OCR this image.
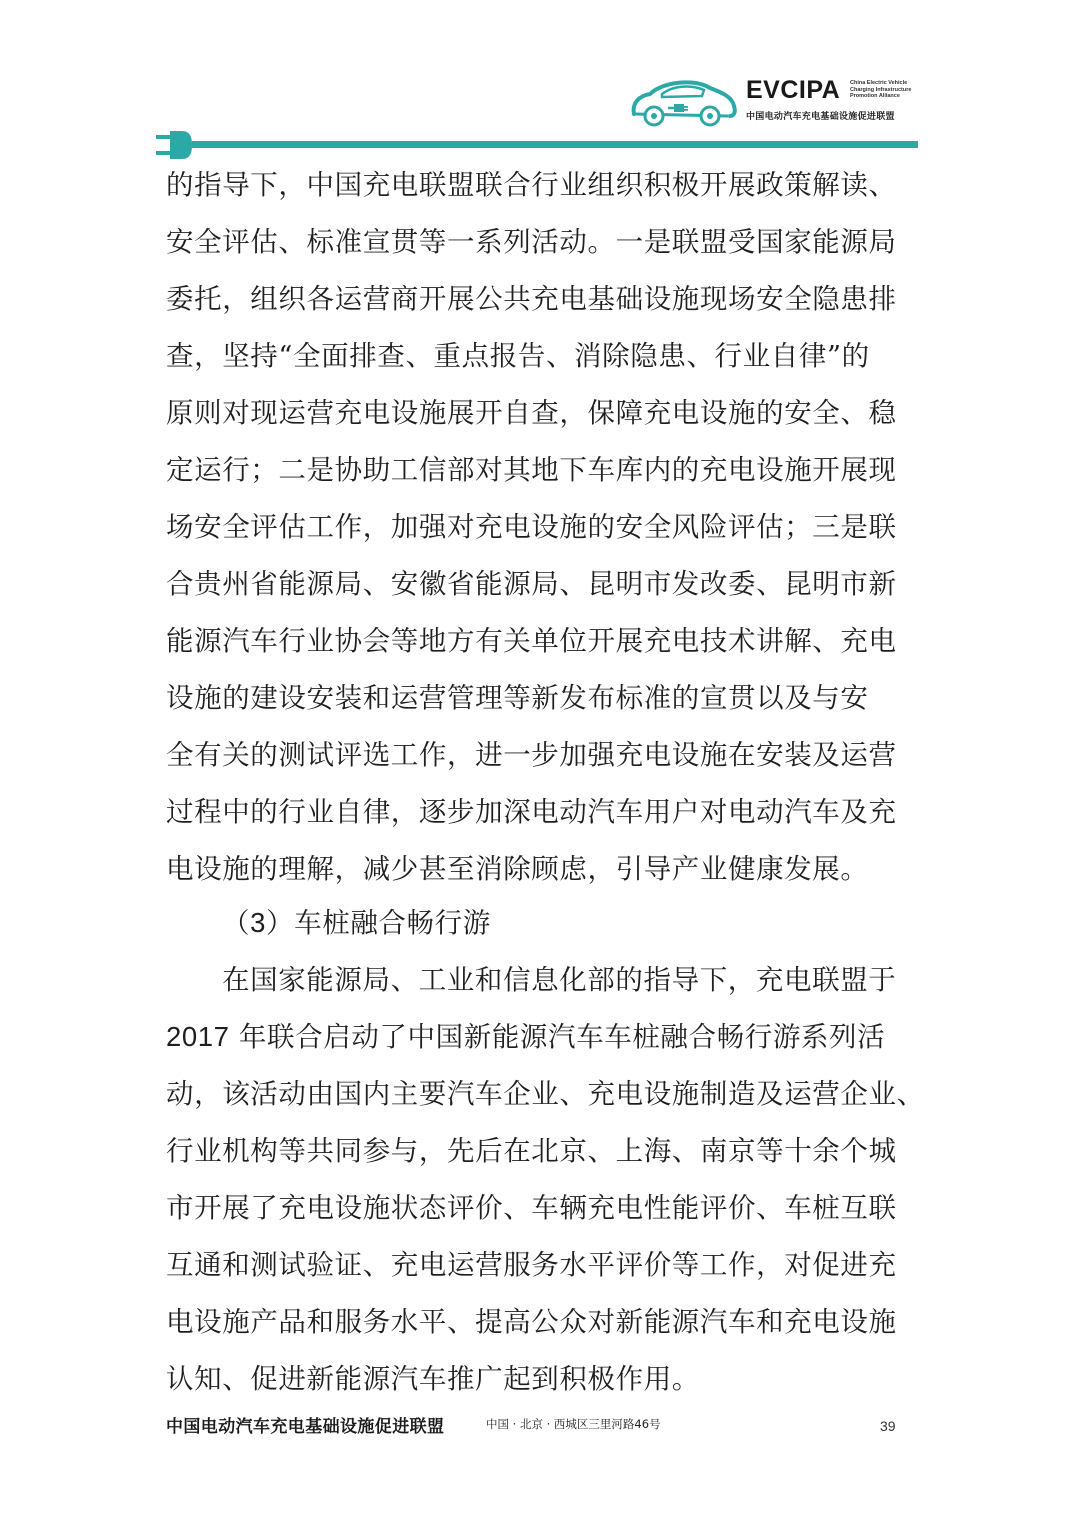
EVCIPA China Electric Vehicle
Charging Infrastructure
Promotion Alliance
中国电动汽车充电基础设施促进联盟
的指导下，中国充电联盟联合行业组织积极开展政策解读、
安全评估、标准宣贯等一系列活动。一是联盟受国家能源局
委托，组织各运营商开展公共充电基础设施现场安全隐患排
查，坚持“全面排查、重点报告、消除隐患、行业自律”的
原则对现运营充电设施展开自查，保障充电设施的安全、稳
定运行；二是协助工信部对其地下车库内的充电设施开展现
场安全评估工作，加强对充电设施的安全风险评估；三是联
合贵州省能源局、安徽省能源局、昆明市发改委、昆明市新
能源汽车行业协会等地方有关单位开展充电技术讲解、充电
设施的建设安装和运营管理等新发布标准的宣贯以及与安
全有关的测试评选工作，进一步加强充电设施在安装及运营
过程中的行业自律，逐步加深电动汽车用户对电动汽车及充
电设施的理解，减少甚至消除顾虑，引导产业健康发展。
（3）车桩融合畅行游
在国家能源局、工业和信息化部的指导下，充电联盟于
2017 年联合启动了中国新能源汽车车桩融合畅行游系列活
动，该活动由国内主要汽车企业、充电设施制造及运营企业、
行业机构等共同参与，先后在北京、上海、南京等十余个城
市开展了充电设施状态评价、车辆充电性能评价、车桩互联
互通和测试验证、充电运营服务水平评价等工作，对促进充
电设施产品和服务水平、提高公众对新能源汽车和充电设施
认知、促进新能源汽车推广起到积极作用。
中国电动汽车充电基础设施促进联盟	中国 · 北京 · 西城区三里河路46号	39
